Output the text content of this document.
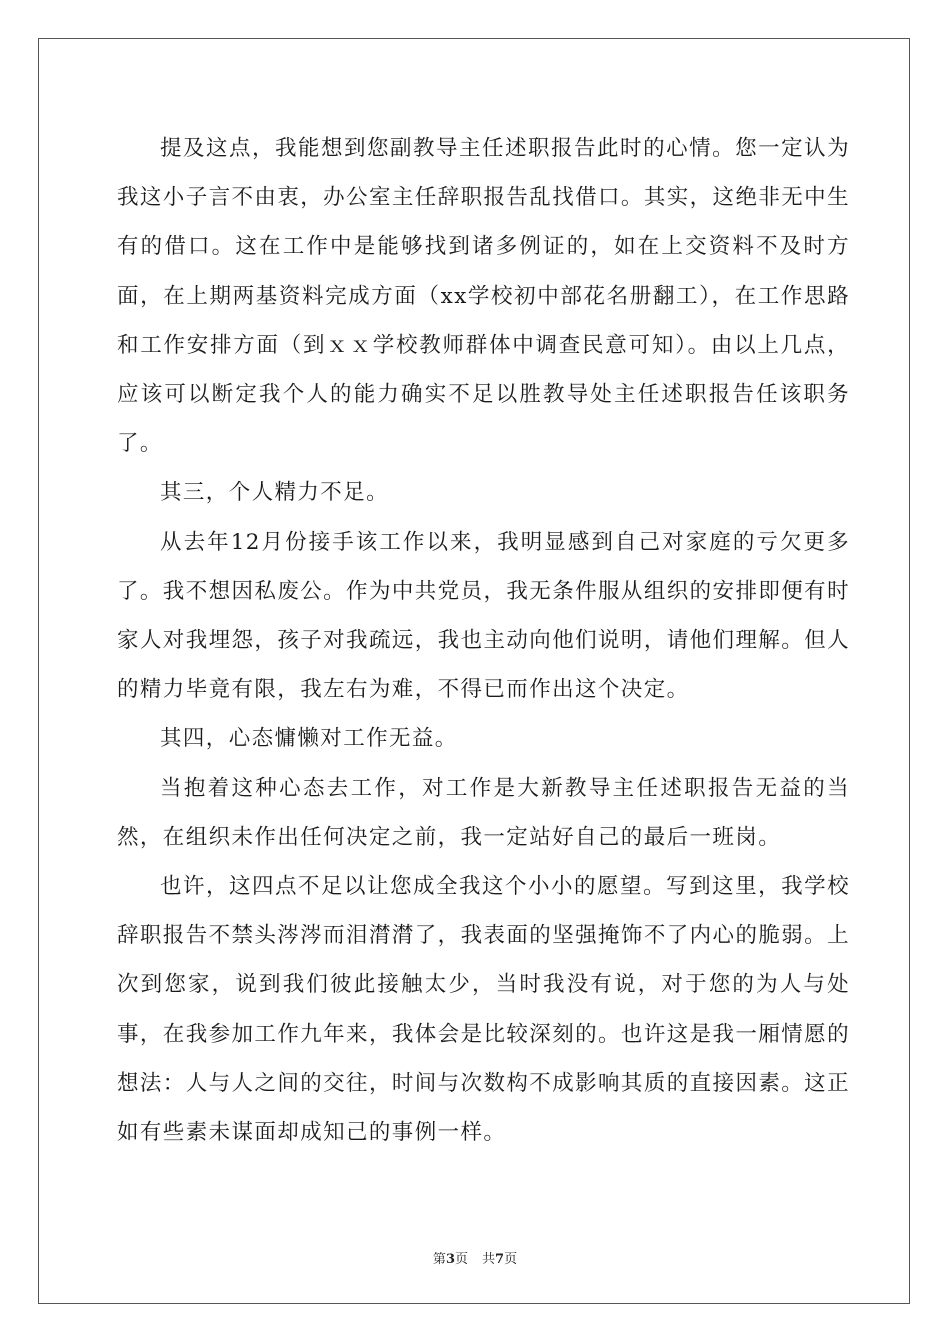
提及这点，我能想到您副教导主任述职报告此时的心情。您一定认为我这小子言不由衷，办公室主任辞职报告乱找借口。其实，这绝非无中生有的借口。这在工作中是能够找到诸多例证的，如在上交资料不及时方面，在上期两基资料完成方面（xx学校初中部花名册翻工），在工作思路和工作安排方面（到ｘｘ学校教师群体中调查民意可知）。由以上几点，应该可以断定我个人的能力确实不足以胜教导处主任述职报告任该职务了。

其三，个人精力不足。

从去年12月份接手该工作以来，我明显感到自己对家庭的亏欠更多了。我不想因私废公。作为中共党员，我无条件服从组织的安排即便有时家人对我埋怨，孩子对我疏远，我也主动向他们说明，请他们理解。但人的精力毕竟有限，我左右为难，不得已而作出这个决定。

其四，心态慵懒对工作无益。

当抱着这种心态去工作，对工作是大新教导主任述职报告无益的当然，在组织未作出任何决定之前，我一定站好自己的最后一班岗。

也许，这四点不足以让您成全我这个小小的愿望。写到这里，我学校辞职报告不禁头涔涔而泪潸潸了，我表面的坚强掩饰不了内心的脆弱。上次到您家，说到我们彼此接触太少，当时我没有说，对于您的为人与处事，在我参加工作九年来，我体会是比较深刻的。也许这是我一厢情愿的想法：人与人之间的交往，时间与次数构不成影响其质的直接因素。这正如有些素未谋面却成知己的事例一样。

第3页 共7页
